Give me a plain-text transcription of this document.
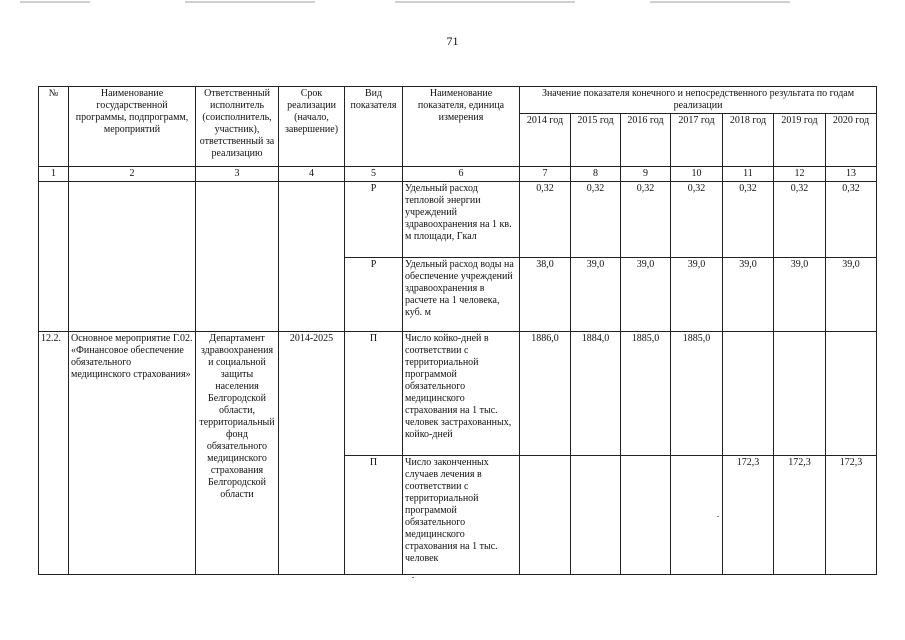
71
№	Наименование государственной программы, подпрограмм, мероприятий	Ответственный исполнитель (соисполнитель, участник), ответственный за реализацию	Срок реализации (начало, завершение)	Вид показателя	Наименование показателя, единица измерения	Значение показателя конечного и непосредственного результата по годам реализации						
						2014 год	2015 год	2016 год	2017 год	2018 год	2019 год	2020 год
1	2	3	4	5	6	7	8	9	10	11	12	13
				Р	Удельный расход тепловой энергии учреждений здравоохранения на 1 кв. м площади, Гкал	0,32	0,32	0,32	0,32	0,32	0,32	0,32
				Р	Удельный расход воды на обеспечение учреждений здравоохранения в расчете на 1 человека, куб. м	38,0	39,0	39,0	39,0	39,0	39,0	39,0
12.2.	Основное мероприятие Г.02. «Финансовое обеспечение обязательного медицинского страхования»	Департамент здравоохранения и социальной защиты населения Белгородской области, территориальный фонд обязательного медицинского страхования Белгородской области	2014-2025	П	Число койко-дней в соответствии с территориальной программой обязательного медицинского страхования на 1 тыс. человек застрахованных, койко-дней	1886,0	1884,0	1885,0	1885,0			
				П	Число законченных случаев лечения в соответствии с территориальной программой обязательного медицинского страхования на 1 тыс. человек					172,3	172,3	172,3
